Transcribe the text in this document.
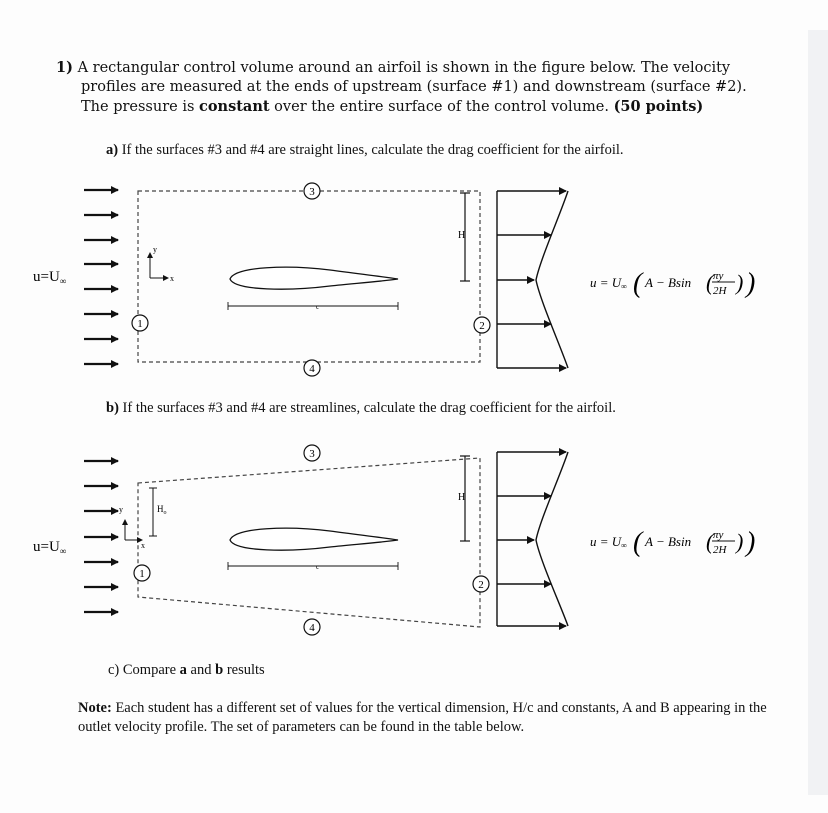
1) A rectangular control volume around an airfoil is shown in the figure below. The velocity
profiles are measured at the ends of upstream (surface #1) and downstream (surface #2).
The pressure is constant over the entire surface of the control volume. (50 points)
a) If the surfaces #3 and #4 are straight lines, calculate the drag coefficient for the airfoil.
b) If the surfaces #3 and #4 are streamlines, calculate the drag coefficient for the airfoil.
c) Compare a and b results
Note: Each student has a different set of values for the vertical dimension, H/c and constants, A and B appearing in the outlet velocity profile. The set of parameters can be found in the table below.
$u=U_\infty$
3
4
1	2
y
x
c
H
u = U∞ ( A − Bsin ( πy
2H ) )
$u=U_\infty$
3
4
1
2
$H_o$
y
x
c
H
u = U∞ ( A − Bsin ( πy
2H ) )
